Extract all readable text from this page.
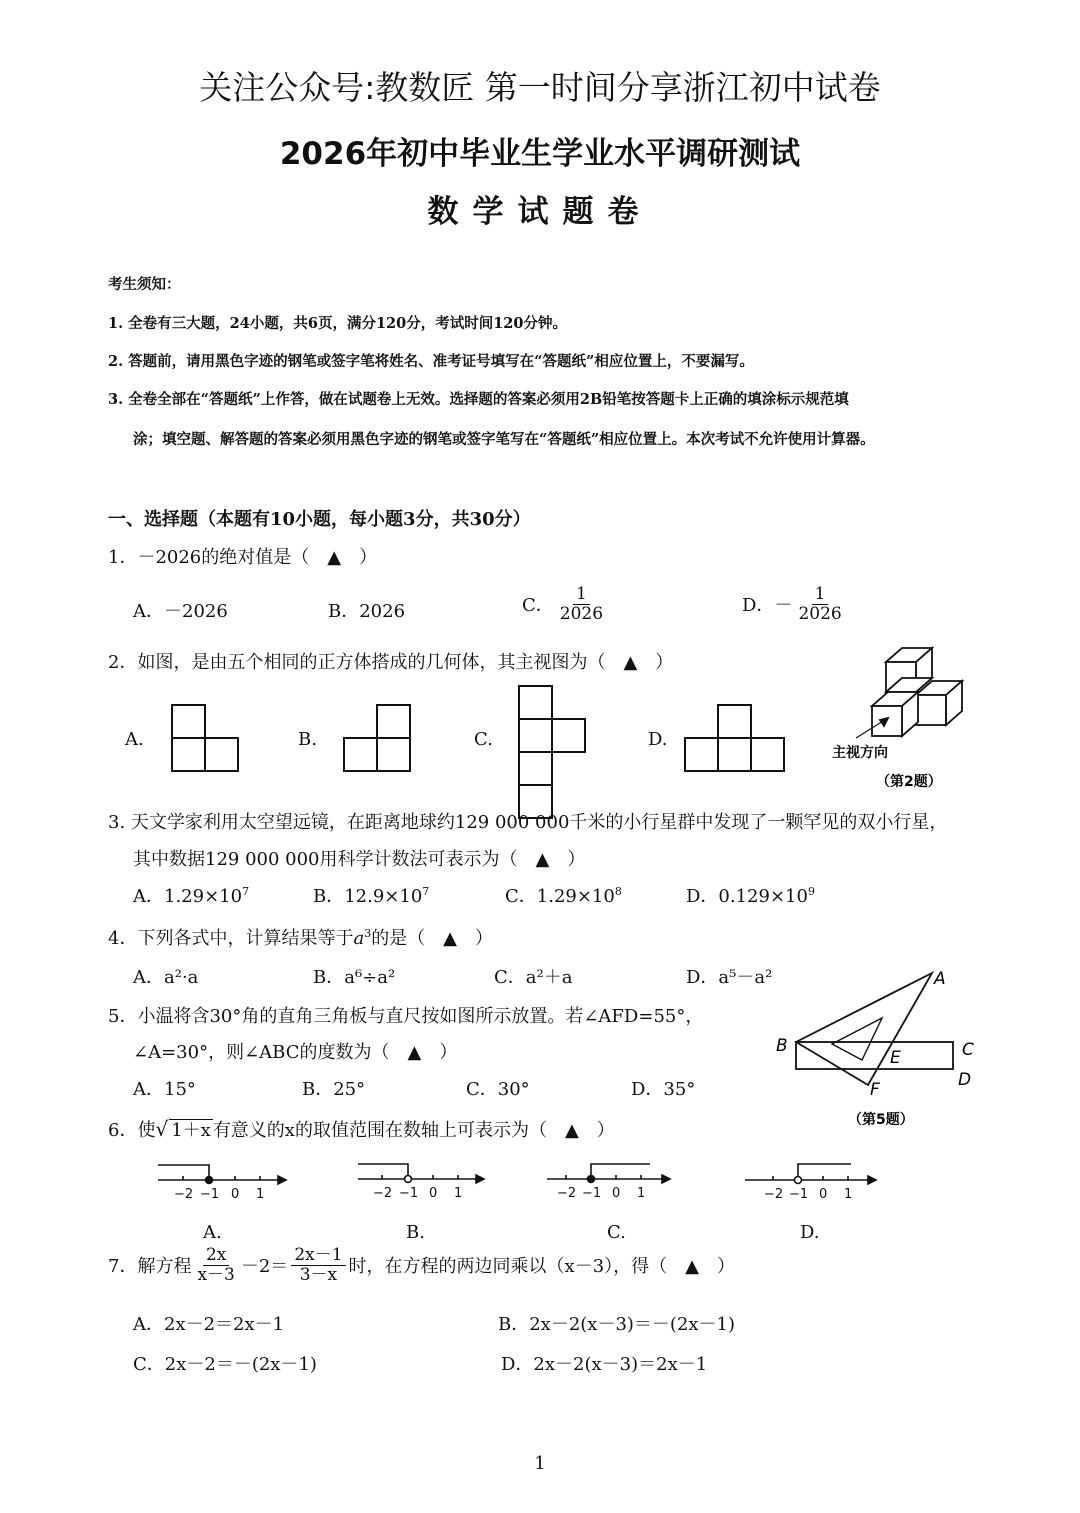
关注公众号:教数匠 第一时间分享浙江初中试卷
2026年初中毕业生学业水平调研测试
数学试题卷
考生须知：
1. 全卷有三大题，24小题，共6页，满分120分，考试时间120分钟。
2. 答题前，请用黑色字迹的钢笔或签字笔将姓名、准考证号填写在“答题纸”相应位置上，不要漏写。
3. 全卷全部在“答题纸”上作答，做在试题卷上无效。选择题的答案必须用2B铅笔按答题卡上正确的填涂标示规范填
涂；填空题、解答题的答案必须用黑色字迹的钢笔或签字笔写在“答题纸”相应位置上。本次考试不允许使用计算器。
一、选择题（本题有10小题，每小题3分，共30分）
1．－2026的绝对值是（　▲　）
A．－2026	B．2026	C． $\frac{1}{2026}$	D．－ $\frac{1}{2026}$
2．如图，是由五个相同的正方体搭成的几何体，其主视图为（　▲　）
A.	B.	C.	D.
主视方向
（第2题）
3. 天文学家利用太空望远镜，在距离地球约129 000 000千米的小行星群中发现了一颗罕见的双小行星，
其中数据129 000 000用科学计数法可表示为（　▲　）
A．$1.29\times 10^7$	B．$12.9\times 10^7$	C．$1.29\times 10^8$	D．$0.129\times 10^9$
4．下列各式中，计算结果等于$a^3$的是（　▲　）
A．a²·a	B．a⁶÷a²	C．a²＋a	D．a⁵－a²
5．小温将含30°角的直角三角板与直尺按如图所示放置。若∠AFD=55°，
∠A=30°，则∠ABC的度数为（　▲　）
A．15°	B．25°	C．30°	D．35°
A
B	C
D
E
F
（第5题）
6．使√ 1＋x 有意义的x的取值范围在数轴上可表示为（　▲　）
−2 −1 0 1	−2 −1 0 1	−2 −1 0 1	−2 −1 0 1
A.	B.	C.	D.
7．解方程 $\frac{2x}{x-3} -2= \frac{2x-1}{3-x}$ 时，在方程的两边同乘以（x－3），得（　▲　）
A．2x－2＝2x－1	B．2x－2(x－3)＝－(2x－1)
C．2x－2＝－(2x－1)	D．2x－2(x－3)＝2x－1
1
